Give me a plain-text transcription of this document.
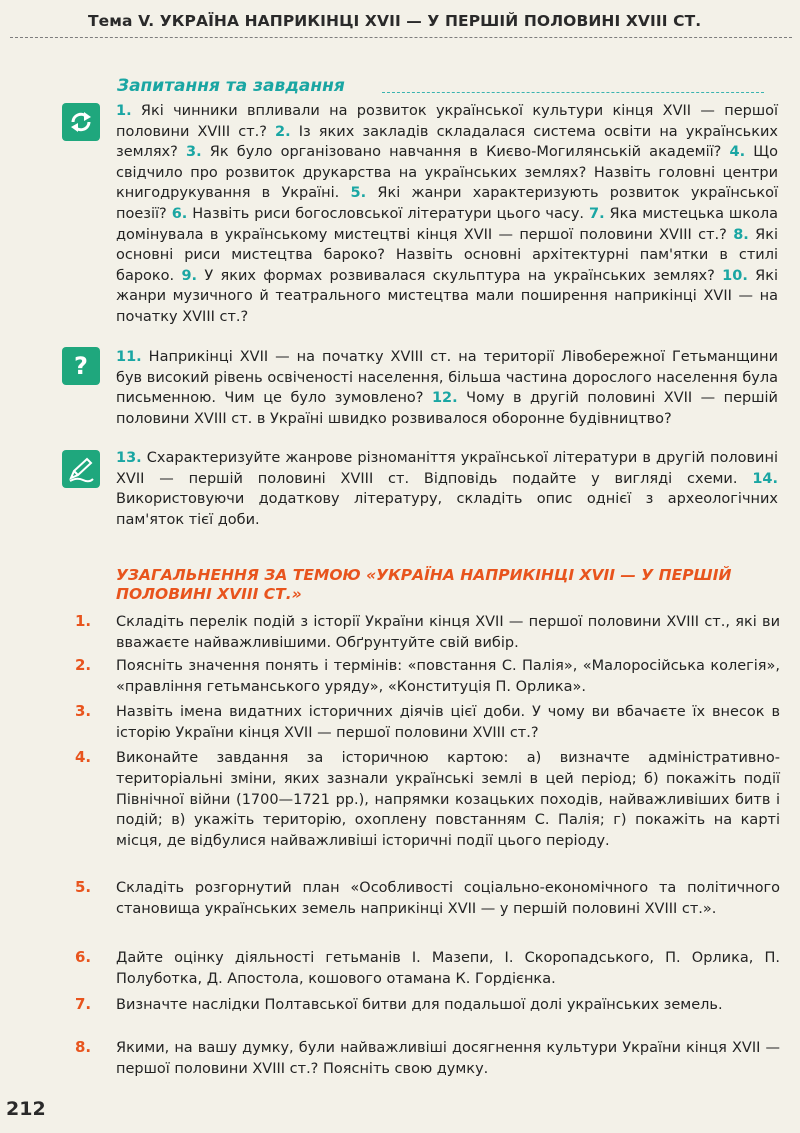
Тема V. УКРАЇНА НАПРИКІНЦІ XVII — У ПЕРШІЙ ПОЛОВИНІ XVIII СТ.
Запитання та завдання
?

1. Які чинники впливали на розвиток української культури кінця XVII — першої половини XVIII ст.? 2. Із яких закладів складалася система освіти на українських землях? 3. Як було організовано навчання в Києво-Могилянській академії? 4. Що свідчило про розвиток друкарства на українських землях? Назвіть головні центри книгодрукування в Україні. 5. Які жанри характеризують розвиток української поезії? 6. Назвіть риси богословської літератури цього часу. 7. Яка мистецька школа домінувала в українському мистецтві кінця XVII — першої половини XVIII ст.? 8. Які основні риси мистецтва бароко? Назвіть основні архітектурні пам'ятки в стилі бароко. 9. У яких формах розвивалася скульптура на українських землях? 10. Які жанри музичного й театрального мистецтва мали поширення наприкінці XVII — на початку XVIII ст.?

11. Наприкінці XVII — на початку XVIII ст. на території Лівобережної Гетьманщини був високий рівень освіченості населення, більша частина дорослого населення була письменною. Чим це було зумовлено? 12. Чому в другій половині XVII — першій половини XVIII ст. в Україні швидко розвивалося оборонне будівництво?

13. Схарактеризуйте жанрове різноманіття української літератури в другій половині XVII — першій половині XVIII ст. Відповідь подайте у вигляді схеми. 14. Використовуючи додаткову літературу, складіть опис однієї з археологічних пам'яток тієї доби.

УЗАГАЛЬНЕННЯ ЗА ТЕМОЮ «УКРАЇНА НАПРИКІНЦІ XVII — У ПЕРШІЙ ПОЛОВИНІ XVIII СТ.»
1. Складіть перелік подій з історії України кінця XVII — першої половини XVIII ст., які ви вважаєте найважливішими. Обґрунтуйте свій вибір.

2. Поясніть значення понять і термінів: «повстання С. Палія», «Малоросійська колегія», «правління гетьманського уряду», «Конституція П. Орлика».

3. Назвіть імена видатних історичних діячів цієї доби. У чому ви вбачаєте їх внесок в історію України кінця XVII — першої половини XVIII ст.?

4. Виконайте завдання за історичною картою: а) визначте адміністративно-територіальні зміни, яких зазнали українські землі в цей період; б) покажіть події Північної війни (1700—1721 рр.), напрямки козацьких походів, найважливіших битв і подій; в) укажіть територію, охоплену повстанням С. Палія; г) покажіть на карті місця, де відбулися найважливіші історичні події цього періоду.

5. Складіть розгорнутий план «Особливості соціально-економічного та політичного становища українських земель наприкінці XVII — у першій половині XVIII ст.».

6. Дайте оцінку діяльності гетьманів І. Мазепи, І. Скоропадського, П. Орлика, П. Полуботка, Д. Апостола, кошового отамана К. Гордієнка.

7. Визначте наслідки Полтавської битви для подальшої долі українських земель.

8. Якими, на вашу думку, були найважливіші досягнення культури України кінця XVII — першої половини XVIII ст.? Поясніть свою думку.

212
